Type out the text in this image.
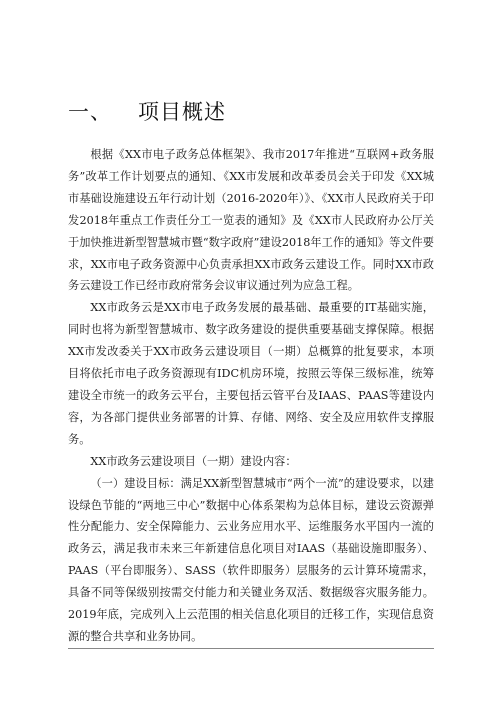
一、 项目概述

根据《XX市电子政务总体框架》、我市2017年推进“互联网+政务服务”改革工作计划要点的通知、《XX市发展和改革委员会关于印发《XX城市基础设施建设五年行动计划（2016-2020年）》、《XX市人民政府关于印发2018年重点工作责任分工一览表的通知》及《XX市人民政府办公厅关于加快推进新型智慧城市暨“数字政府”建设2018年工作的通知》等文件要求，XX市电子政务资源中心负责承担XX市政务云建设工作。同时XX市政务云建设工作已经市政府常务会议审议通过列为应急工程。

XX市政务云是XX市电子政务发展的最基础、最重要的IT基础实施，同时也将为新型智慧城市、数字政务建设的提供重要基础支撑保障。根据XX市发改委关于XX市政务云建设项目（一期）总概算的批复要求，本项目将依托市电子政务资源现有IDC机房环境，按照云等保三级标准，统筹建设全市统一的政务云平台，主要包括云管平台及IAAS、PAAS等建设内容，为各部门提供业务部署的计算、存储、网络、安全及应用软件支撑服务。

XX市政务云建设项目（一期）建设内容：

（一）建设目标：满足XX新型智慧城市“两个一流”的建设要求，以建设绿色节能的“两地三中心”数据中心体系架构为总体目标，建设云资源弹性分配能力、安全保障能力、云业务应用水平、运维服务水平国内一流的政务云，满足我市未来三年新建信息化项目对IAAS（基础设施即服务）、PAAS（平台即服务）、SASS（软件即服务）层服务的云计算环境需求，具备不同等保级别按需交付能力和关键业务双活、数据级容灾服务能力。2019年底，完成列入上云范围的相关信息化项目的迁移工作，实现信息资源的整合共享和业务协同。
